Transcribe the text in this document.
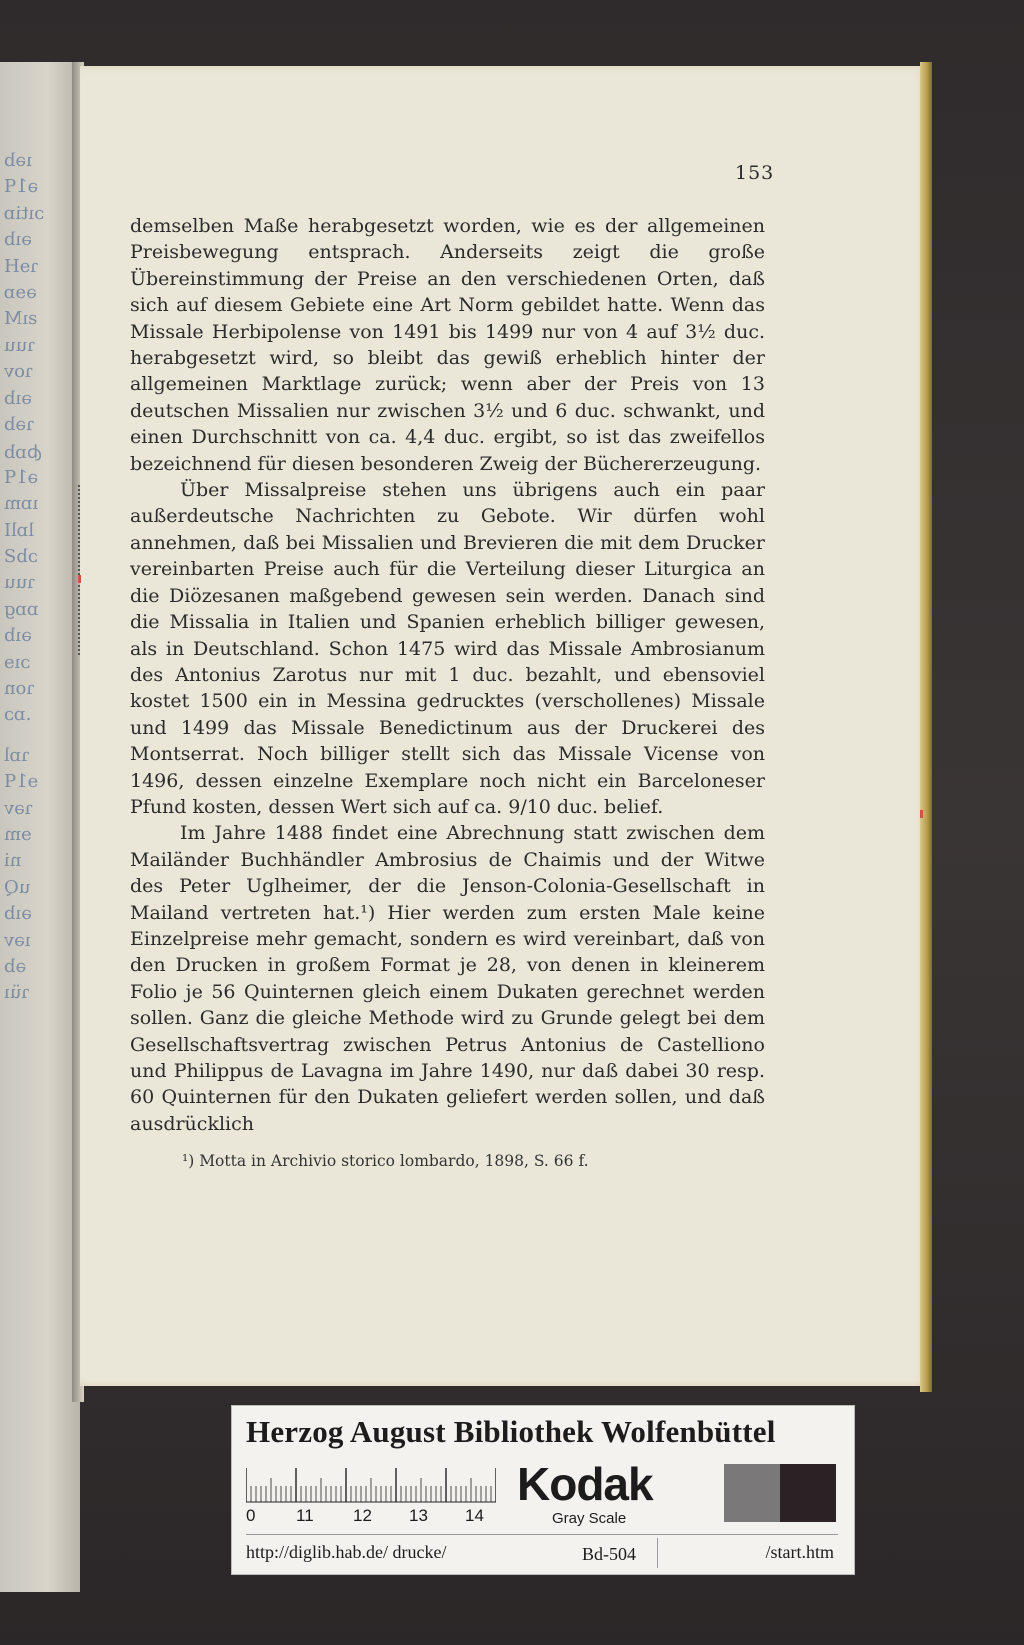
ıəb
ə1ꟼ
ɔıtiɒ
əıb
ɿɘH
əɘɒ
ꙅıM
ɿuu
ɿov
əıb
ɿəb
ꞗɒb
ə1ꟼ
ıɒm
lɒlI
ɔbƧ
ɿuu
ɒɒɡ
əıb
ɔıɘ
ɿon
.ɒɔ
ɿɒl
ɘ1ꟼ
ɿəv
ɘm
ni
uQ
əıb
ıəv
əb
ɿüı
153

demselben Maße herabgesetzt worden, wie es der allgemeinen Preisbewegung entsprach. Anderseits zeigt die große Übereinstimmung der Preise an den verschiedenen Orten, daß sich auf diesem Gebiete eine Art Norm gebildet hatte. Wenn das Missale Herbipolense von 1491 bis 1499 nur von 4 auf 3½ duc. herabgesetzt wird, so bleibt das gewiß erheblich hinter der allgemeinen Marktlage zurück; wenn aber der Preis von 13 deutschen Missalien nur zwischen 3½ und 6 duc. schwankt, und einen Durchschnitt von ca. 4,4 duc. ergibt, so ist das zweifellos bezeichnend für diesen besonderen Zweig der Büchererzeugung.

Über Missalpreise stehen uns übrigens auch ein paar außerdeutsche Nachrichten zu Gebote. Wir dürfen wohl annehmen, daß bei Missalien und Brevieren die mit dem Drucker vereinbarten Preise auch für die Verteilung dieser Liturgica an die Diözesanen maßgebend gewesen sein werden. Danach sind die Missalia in Italien und Spanien erheblich billiger gewesen, als in Deutschland. Schon 1475 wird das Missale Ambrosianum des Antonius Zarotus nur mit 1 duc. bezahlt, und ebensoviel kostet 1500 ein in Messina gedrucktes (verschollenes) Missale und 1499 das Missale Benedictinum aus der Druckerei des Montserrat. Noch billiger stellt sich das Missale Vicense von 1496, dessen einzelne Exemplare noch nicht ein Barceloneser Pfund kosten, dessen Wert sich auf ca. 9/10 duc. belief.

Im Jahre 1488 findet eine Abrechnung statt zwischen dem Mailänder Buchhändler Ambrosius de Chaimis und der Witwe des Peter Uglheimer, der die Jenson-Colonia-Gesellschaft in Mailand vertreten hat.¹) Hier werden zum ersten Male keine Einzelpreise mehr gemacht, sondern es wird vereinbart, daß von den Drucken in großem Format je 28, von denen in kleinerem Folio je 56 Quinternen gleich einem Dukaten gerechnet werden sollen. Ganz die gleiche Methode wird zu Grunde gelegt bei dem Gesellschaftsvertrag zwischen Petrus Antonius de Castelliono und Philippus de Lavagna im Jahre 1490, nur daß dabei 30 resp. 60 Quinternen für den Dukaten geliefert werden sollen, und daß ausdrücklich

¹) Motta in Archivio storico lombardo, 1898, S. 66 f.
Herzog August Bibliothek Wolfenbüttel
0 11 12 13 14
Kodak
Gray Scale
http://diglib.hab.de/ drucke/	Bd-504	/start.htm
